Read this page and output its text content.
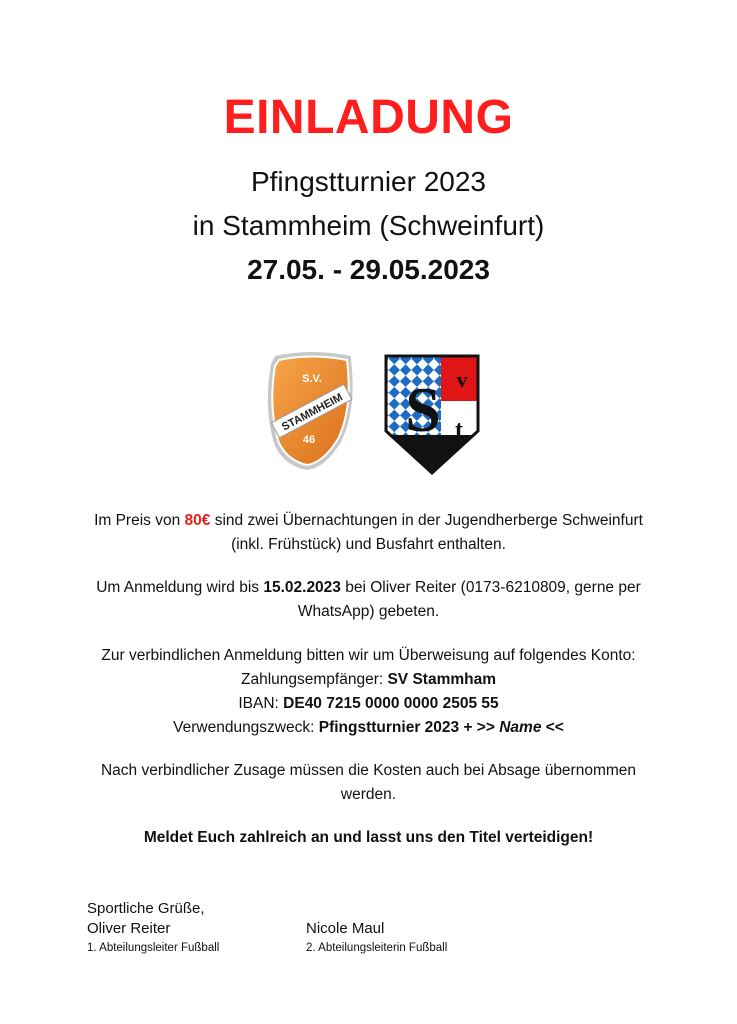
EINLADUNG
Pfingstturnier 2023
in Stammheim (Schweinfurt)
27.05. - 29.05.2023
S.V.
STAMMHEIM
46 S v
t
Im Preis von 80€ sind zwei Übernachtungen in der Jugendherberge Schweinfurt
(inkl. Frühstück) und Busfahrt enthalten.
Um Anmeldung wird bis 15.02.2023 bei Oliver Reiter (0173-6210809, gerne per
WhatsApp) gebeten.
Zur verbindlichen Anmeldung bitten wir um Überweisung auf folgendes Konto:
Zahlungsempfänger: SV Stammham
IBAN: DE40 7215 0000 0000 2505 55
Verwendungszweck: Pfingstturnier 2023 + >> Name <<
Nach verbindlicher Zusage müssen die Kosten auch bei Absage übernommen
werden.
Meldet Euch zahlreich an und lasst uns den Titel verteidigen!
Sportliche Grüße,
Oliver Reiter
1. Abteilungsleiter Fußball
Nicole Maul
2. Abteilungsleiterin Fußball
